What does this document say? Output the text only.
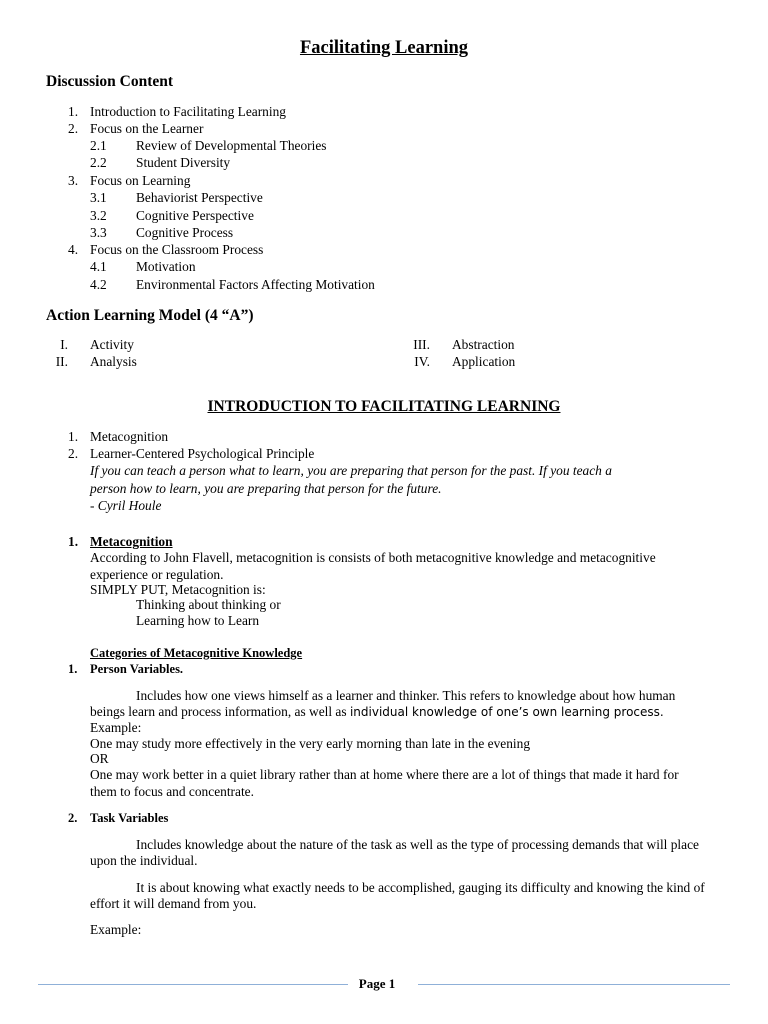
Facilitating Learning
Discussion Content
1. Introduction to Facilitating Learning
2. Focus on the Learner
2.1 Review of Developmental Theories
2.2 Student Diversity
3. Focus on Learning
3.1 Behaviorist Perspective
3.2 Cognitive Perspective
3.3 Cognitive Process
4. Focus on the Classroom Process
4.1 Motivation
4.2 Environmental Factors Affecting Motivation
Action Learning Model (4 “A”)
I. Activity
II. Analysis
III. Abstraction
IV. Application
INTRODUCTION TO FACILITATING LEARNING
1. Metacognition
2. Learner-Centered Psychological Principle
If you can teach a person what to learn, you are preparing that person for the past. If you teach a
person how to learn, you are preparing that person for the future.
- Cyril Houle
1. Metacognition
According to John Flavell, metacognition is consists of both metacognitive knowledge and metacognitive
experience or regulation.
SIMPLY PUT, Metacognition is:
Thinking about thinking or
Learning how to Learn
Categories of Metacognitive Knowledge
1. Person Variables.
Includes how one views himself as a learner and thinker. This refers to knowledge about how human
beings learn and process information, as well as individual knowledge of one’s own learning process.
Example:
One may study more effectively in the very early morning than late in the evening
OR
One may work better in a quiet library rather than at home where there are a lot of things that made it hard for
them to focus and concentrate.
2. Task Variables
Includes knowledge about the nature of the task as well as the type of processing demands that will place
upon the individual.
It is about knowing what exactly needs to be accomplished, gauging its difficulty and knowing the kind of
effort it will demand from you.
Example:
Page 1
